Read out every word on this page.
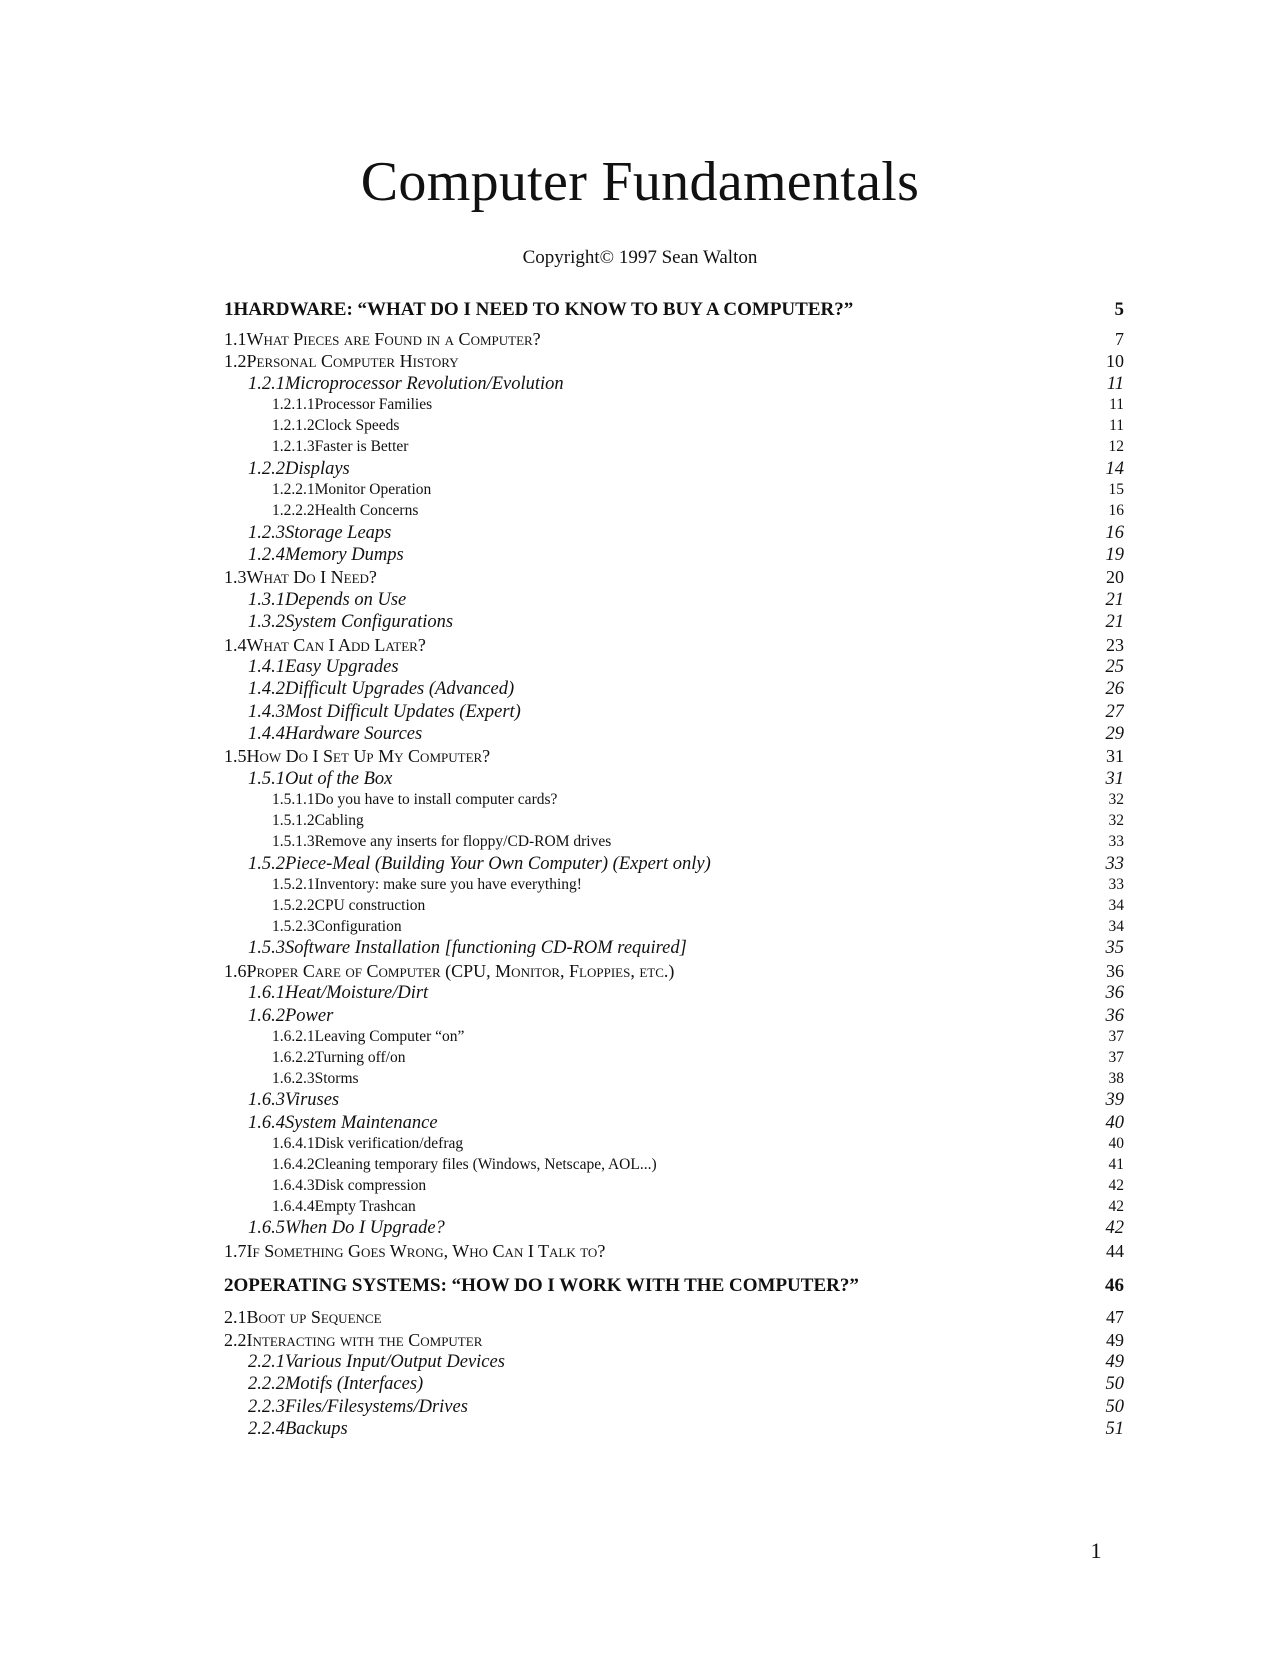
Computer Fundamentals
Copyright© 1997 Sean Walton
1 HARDWARE: “WHAT DO I NEED TO KNOW TO BUY A COMPUTER?”	5
1.1 What Pieces are Found in a Computer?	7
1.2 Personal Computer History	10
1.2.1 Microprocessor Revolution/Evolution	11
1.2.1.1 Processor Families	11
1.2.1.2 Clock Speeds	11
1.2.1.3 Faster is Better	12
1.2.2 Displays	14
1.2.2.1 Monitor Operation	15
1.2.2.2 Health Concerns	16
1.2.3 Storage Leaps	16
1.2.4 Memory Dumps	19
1.3 What Do I Need?	20
1.3.1 Depends on Use	21
1.3.2 System Configurations	21
1.4 What Can I Add Later?	23
1.4.1 Easy Upgrades	25
1.4.2 Difficult Upgrades (Advanced)	26
1.4.3 Most Difficult Updates (Expert)	27
1.4.4 Hardware Sources	29
1.5 How Do I Set Up My Computer?	31
1.5.1 Out of the Box	31
1.5.1.1 Do you have to install computer cards?	32
1.5.1.2 Cabling	32
1.5.1.3 Remove any inserts for floppy/CD-ROM drives	33
1.5.2 Piece-Meal (Building Your Own Computer) (Expert only)	33
1.5.2.1 Inventory: make sure you have everything!	33
1.5.2.2 CPU construction	34
1.5.2.3 Configuration	34
1.5.3 Software Installation [functioning CD-ROM required]	35
1.6 Proper Care of Computer (CPU, Monitor, Floppies, etc.)	36
1.6.1 Heat/Moisture/Dirt	36
1.6.2 Power	36
1.6.2.1 Leaving Computer “on”	37
1.6.2.2 Turning off/on	37
1.6.2.3 Storms	38
1.6.3 Viruses	39
1.6.4 System Maintenance	40
1.6.4.1 Disk verification/defrag	40
1.6.4.2 Cleaning temporary files (Windows, Netscape, AOL...)	41
1.6.4.3 Disk compression	42
1.6.4.4 Empty Trashcan	42
1.6.5 When Do I Upgrade?	42
1.7 If Something Goes Wrong, Who Can I Talk to?	44
2 OPERATING SYSTEMS: “HOW DO I WORK WITH THE COMPUTER?”	46
2.1 Boot up Sequence	47
2.2 Interacting with the Computer	49
2.2.1 Various Input/Output Devices	49
2.2.2 Motifs (Interfaces)	50
2.2.3 Files/Filesystems/Drives	50
2.2.4 Backups	51
1
